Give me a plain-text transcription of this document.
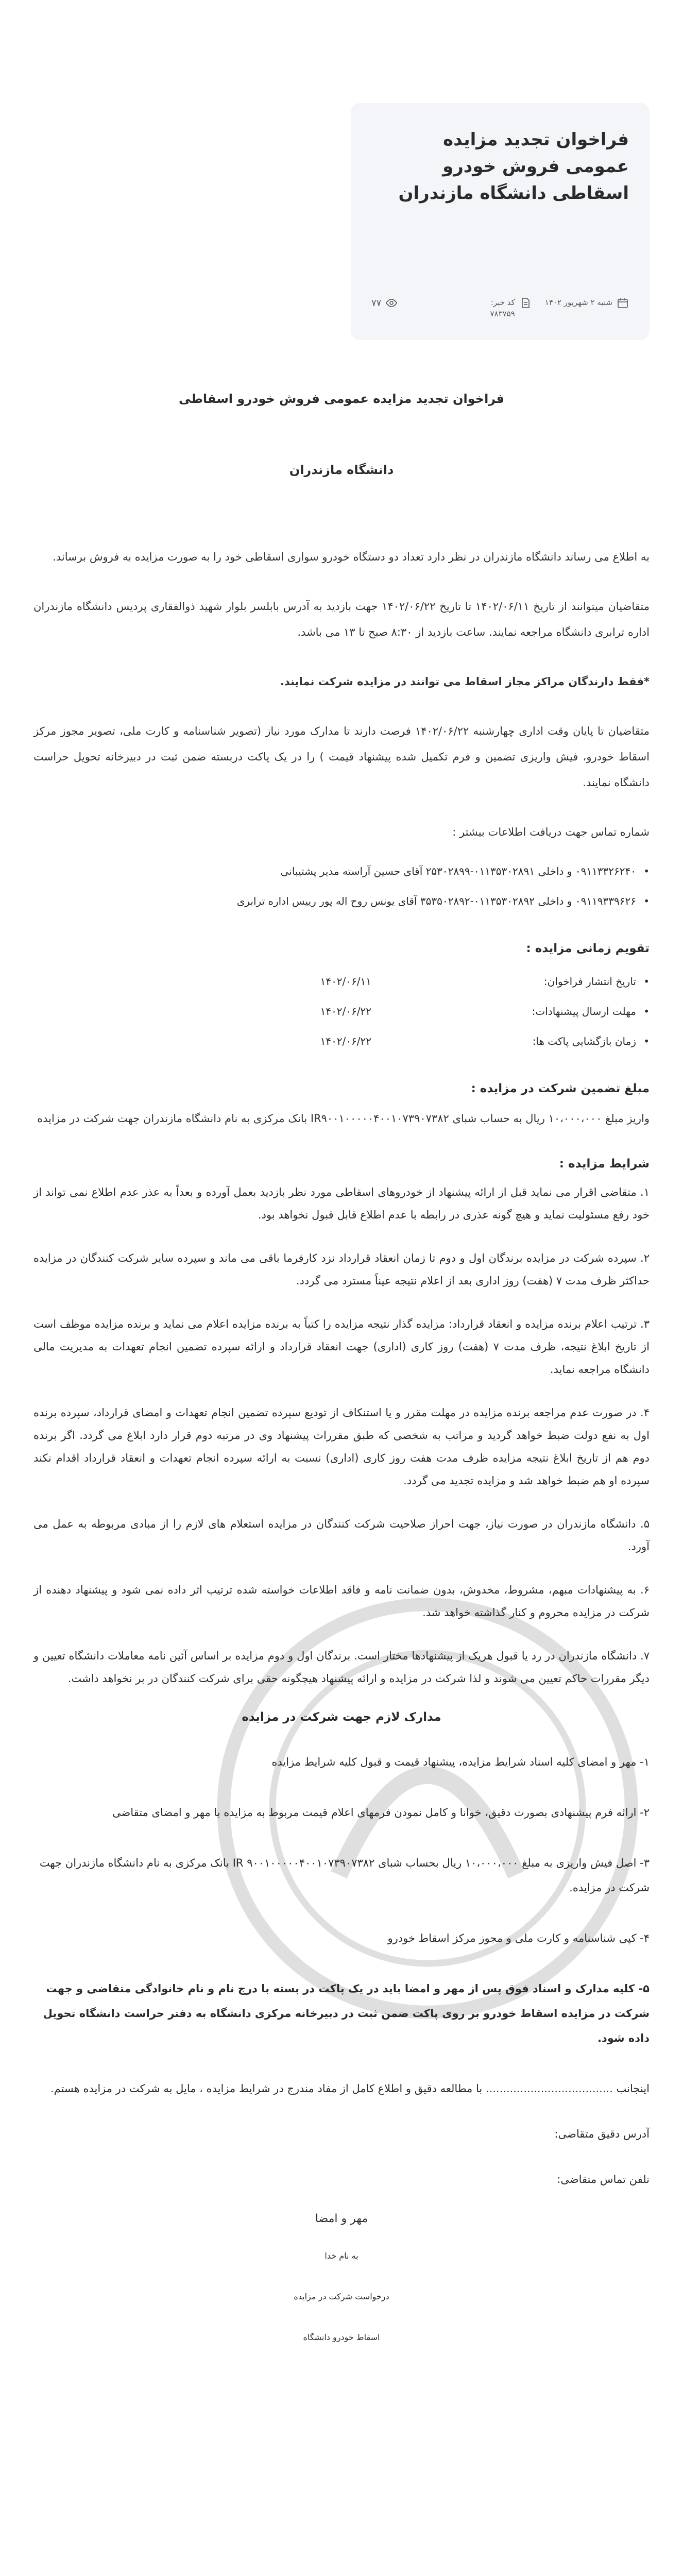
فراخوان تجدید مزایده عمومی فروش خودرو اسقاطی دانشگاه مازندران
شنبه ۲ شهریور ۱۴۰۲
کد خبر:
۷۸۳۷۵۹
۷۷
فراخوان تجدید مزایده عمومی فروش خودرو اسقاطی
دانشگاه مازندران

به اطلاع می رساند دانشگاه مازندران در نظر دارد تعداد دو دستگاه خودرو سواری اسقاطی خود را به صورت مزایده به فروش برساند.

متقاضیان میتوانند از تاریخ ۱۴۰۲/۰۶/۱۱ تا تاریخ ۱۴۰۲/۰۶/۲۲ جهت بازدید به آدرس بابلسر بلوار شهید ذوالفقاری پردیس دانشگاه مازندران اداره ترابری دانشگاه مراجعه نمایند. ساعت بازدید از ۸:۳۰ صبح تا ۱۳ می باشد.

*فقط دارندگان مراکز مجاز اسقاط می توانند در مزایده شرکت نمایند.

متقاضیان تا پایان وقت اداری چهارشنبه ۱۴۰۲/۰۶/۲۲ فرصت دارند تا مدارک مورد نیاز (تصویر شناسنامه و کارت ملی، تصویر مجوز مرکز اسقاط خودرو، فیش واریزی تضمین و فرم تکمیل شده پیشنهاد قیمت ) را در یک پاکت دربسته ضمن ثبت در دبیرخانه تحویل حراست دانشگاه نمایند.

شماره تماس جهت دریافت اطلاعات بیشتر :

• ۰۹۱۱۳۳۲۶۲۴۰ و داخلی ۰۱۱۳۵۳۰۲۸۹۱-۲۵۳۰۲۸۹۹ آقای حسین آراسته مدیر پشتیبانی
• ۰۹۱۱۹۳۳۹۶۲۶ و داخلی ۰۱۱۳۵۳۰۲۸۹۲-۳۵۳۵۰۲۸۹۲ آقای یونس روح اله پور رییس اداره ترابری
تقویم زمانی مزایده :
• تاریخ انتشار فراخوان:
۱۴۰۲/۰۶/۱۱
• مهلت ارسال پیشنهادات:
۱۴۰۲/۰۶/۲۲
• زمان بازگشایی پاکت ها:
۱۴۰۲/۰۶/۲۲
مبلغ تضمین شرکت در مزایده :

واریز مبلغ ۱۰،۰۰۰،۰۰۰ ریال به حساب شبای IR۹۰۰۱۰۰۰۰۰۴۰۰۱۰۷۳۹۰۷۳۸۲ بانک مرکزی به نام دانشگاه مازندران جهت شرکت در مزایده

شرایط مزایده :
۱. متقاضی اقرار می نماید قبل از ارائه پیشنهاد از خودروهای اسقاطی مورد نظر بازدید بعمل آورده و بعداً به عذر عدم اطلاع نمی تواند از خود رفع مسئولیت نماید و هیچ گونه عذری در رابطه با عدم اطلاع قابل قبول نخواهد بود.
۲. سپرده شرکت در مزایده برندگان اول و دوم تا زمان انعقاد قرارداد نزد کارفرما باقی می ماند و سپرده سایر شرکت کنندگان در مزایده حداکثر ظرف مدت ۷ (هفت) روز اداری بعد از اعلام نتیجه عیناً مسترد می گردد.
۳. ترتیب اعلام برنده مزایده و انعقاد قرارداد: مزایده گذار نتیجه مزایده را کتباً به برنده مزایده اعلام می نماید و برنده مزایده موظف است از تاریخ ابلاغ نتیجه، ظرف مدت ۷ (هفت) روز کاری (اداری) جهت انعقاد قرارداد و ارائه سپرده تضمین انجام تعهدات به مدیریت مالی دانشگاه مراجعه نماید.
۴. در صورت عدم مراجعه برنده مزایده در مهلت مقرر و یا استنکاف از توديع سپرده تضمین انجام تعهدات و امضای قرارداد، سپرده برنده اول به نفع دولت ضبط خواهد گردید و مراتب به شخصی که طبق مقررات پیشنهاد وی در مرتبه دوم قرار دارد ابلاغ می گردد. اگر برنده دوم هم از تاریخ ابلاغ نتیجه مزایده ظرف مدت هفت روز کاری (اداری) نسبت به ارائه سپرده انجام تعهدات و انعقاد قرارداد اقدام نکند سپرده او هم ضبط خواهد شد و مزایده تجدید می گردد.
۵. دانشگاه مازندران در صورت نیاز، جهت احراز صلاحیت شرکت کنندگان در مزایده استعلام های لازم را از مبادی مربوطه به عمل می آورد.
۶. به پیشنهادات مبهم، مشروط، مخدوش، بدون ضمانت نامه و فاقد اطلاعات خواسته شده ترتیب اثر داده نمی شود و پیشنهاد دهنده از شرکت در مزایده محروم و کنار گذاشته خواهد شد.
۷. دانشگاه مازندران در رد یا قبول هریک از پیشنهادها مختار است. برندگان اول و دوم مزایده بر اساس آئین نامه معاملات دانشگاه تعیین و دیگر مقررات حاکم تعیین می شوند و لذا شرکت در مزایده و ارائه پیشنهاد هیچگونه حقی برای شرکت کنندگان در بر نخواهد داشت.
مدارک لازم جهت شرکت در مزایده
۱- مهر و امضای کلیه اسناد شرایط مزایده، پیشنهاد قیمت و قبول کلیه شرایط مزایده
۲- ارائه فرم پیشنهادی بصورت دقیق، خوانا و کامل نمودن فرمهای اعلام قیمت مربوط به مزایده با مهر و امضای متقاضی
۳- اصل فیش واریزی به مبلغ ۱۰،۰۰۰،۰۰۰ ریال بحساب شبای IR ۹۰۰۱۰۰۰۰۰۴۰۰۱۰۷۳۹۰۷۳۸۲ بانک مرکزی به نام دانشگاه مازندران جهت شرکت در مزایده.
۴- کپی شناسنامه و کارت ملی و مجوز مرکز اسقاط خودرو
۵- کلیه مدارک و اسناد فوق پس از مهر و امضا باید در یک پاکت در بسته با درج نام و نام خانوادگی متقاضی و جهت شرکت در مزایده اسقاط خودرو بر روی پاکت ضمن ثبت در دبیرخانه مرکزی دانشگاه به دفتر حراست دانشگاه تحویل داده شود.
اینجانب ..................................... با مطالعه دقیق و اطلاع کامل از مفاد مندرج در شرایط مزایده ، مایل به شرکت در مزایده هستم.
آدرس دقیق متقاضی:
تلفن تماس متقاضی:
مهر و امضا
به نام خدا
درخواست شرکت در مزایده
اسقاط خودرو دانشگاه
